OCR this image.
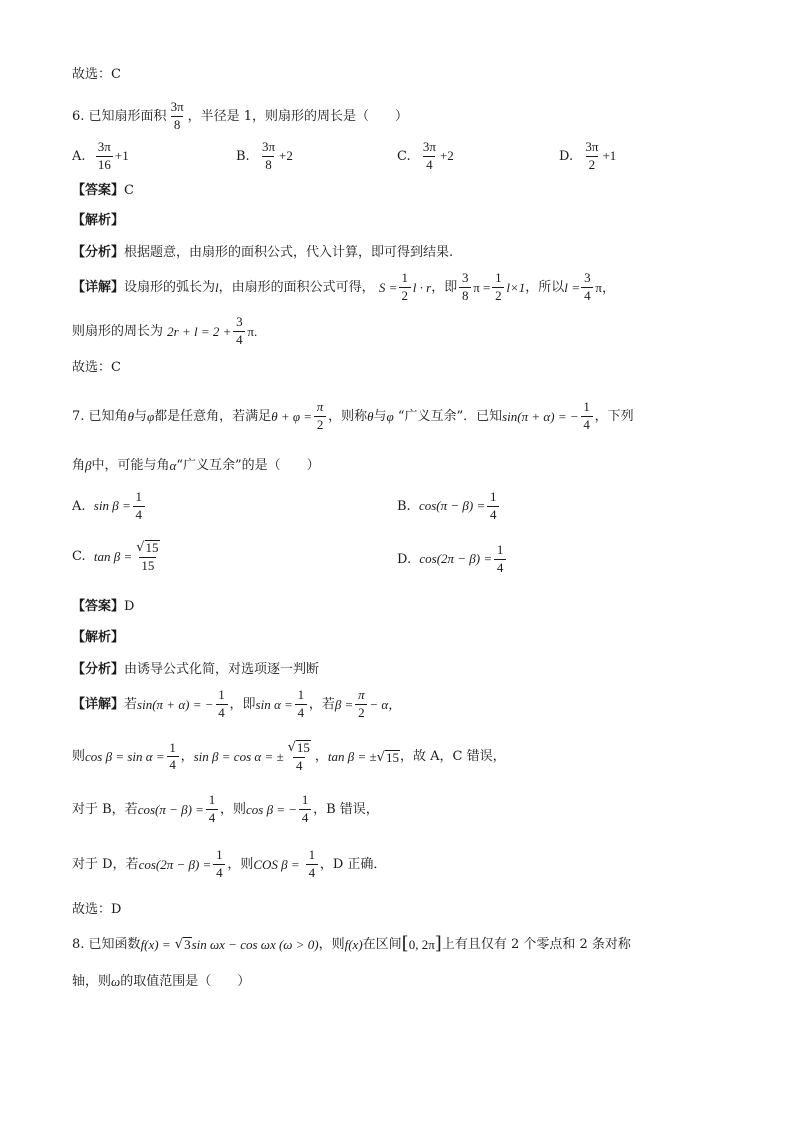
故选：C
6.
已知扇形面积 $\frac{3\pi}{8}$ ，半径是 1，则扇形的周长是（　　）
A.
$\frac{3\pi}{16} +1$	B.
$\frac{3\pi}{8} +2$	C.
$\frac{3\pi}{4} +2$	D.
$\frac{3\pi}{2} +1$
【答案】 C
【解析】
【分析】 根据题意，由扇形的面积公式，代入计算，即可得到结果.
【详解】 设扇形的弧长为 l ，由扇形的面积公式可得，
S
= $\frac{1}{2}$ l · r ，即 $\frac{3}{8}$ $\pi = \frac{1}{2} l\times 1$ ，所以 l
= $\frac{3}{4}$ π，
则扇形的周长为
$2r + l = 2 + \frac{3}{4} \pi$.
故选：C
7.
已知角 θ 与 φ 都是任意角，若满足 $\theta + \varphi = \frac{\pi}{2}$ ，则称 θ 与 φ
“广义互余”．已知 sin(π + α) = − $\frac{1}{4}$ ，下列
角 β 中，可能与角 α “广义互余”的是（　　）
A.
$\sin \beta = \frac{1}{4}$	B.
$\cos(\pi - \beta) = \frac{1}{4}$
C.
$\tan \beta = \frac{√ 15}{15}$	D.
$\cos(2\pi - \beta) = \frac{1}{4}$
【答案】 D
【解析】
【分析】 由诱导公式化简，对选项逐一判断
【详解】 若 sin(π + α) = − $\frac{1}{4}$ ，即 $\sin \alpha = \frac{1}{4}$ ，若 $\beta = \frac{\pi}{2} - \alpha$，
则 $\cos \beta = \sin \alpha = \frac{1}{4}$ ， sin β = cos α = ± $\frac{√ 15}{4}$ ， tan β = ± √ 15 ，故 A，C 错误，
对于 B，若 $\cos(\pi - \beta) = \frac{1}{4}$ ，则 cos β = − $\frac{1}{4}$ ，B 错误，
对于 D，若 $\cos(2\pi - \beta) = \frac{1}{4}$ ，则 COS β =
$\frac{1}{4}$ ，D 正确．
故选：D
8.
已知函数 f(x) =
√ 3 sin ωx − cos ωx (ω > 0) ，则 f(x) 在区间 [ 0, 2π ] 上有且仅有 2 个零点和 2 条对称
轴，则 ω 的取值范围是（　　）
